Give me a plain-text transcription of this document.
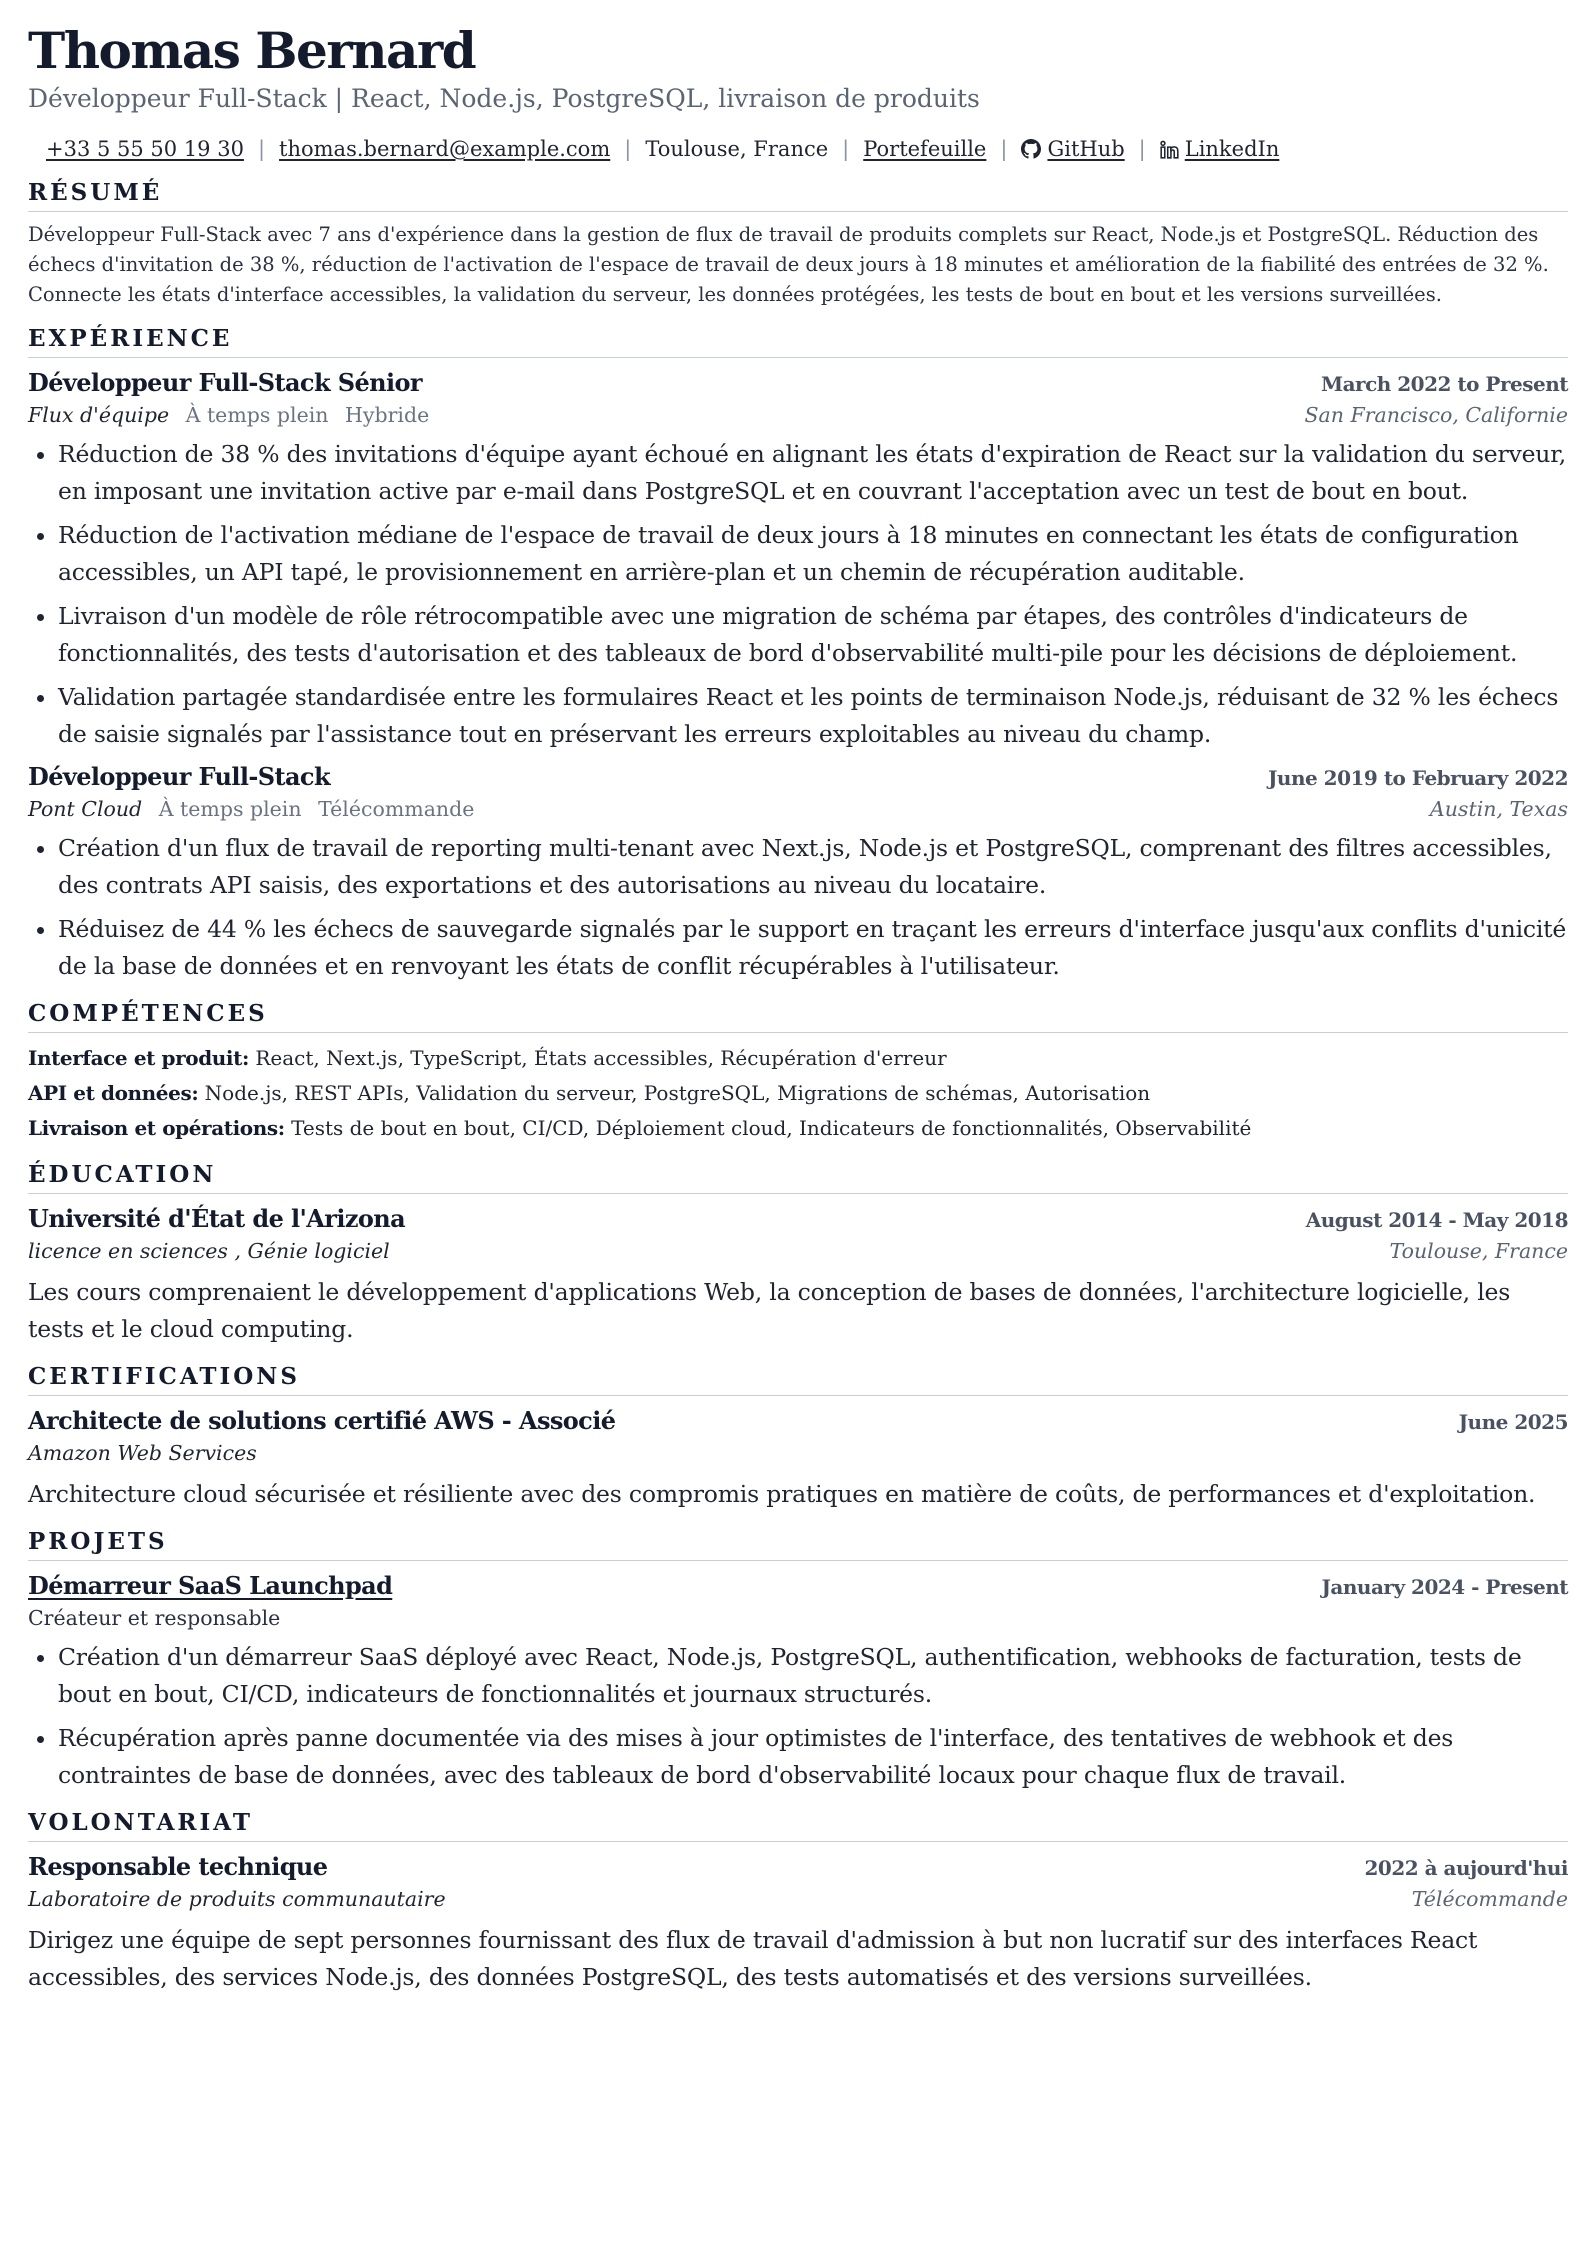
Thomas Bernard
Développeur Full-Stack | React, Node.js, PostgreSQL, livraison de produits
+33 5 55 50 19 30 | thomas.bernard@example.com | Toulouse, France | Portefeuille |	GitHub |	LinkedIn
RÉSUMÉ
Développeur Full-Stack avec 7 ans d'expérience dans la gestion de flux de travail de produits complets sur React, Node.js et PostgreSQL. Réduction des échecs d'invitation de 38 %, réduction de l'activation de l'espace de travail de deux jours à 18 minutes et amélioration de la fiabilité des entrées de 32 %. Connecte les états d'interface accessibles, la validation du serveur, les données protégées, les tests de bout en bout et les versions surveillées.
EXPÉRIENCE
Développeur Full-Stack Sénior	March 2022 to Present
Flux d'équipe À temps plein Hybride	San Francisco, Californie
• Réduction de 38 % des invitations d'équipe ayant échoué en alignant les états d'expiration de React sur la validation du serveur, en imposant une invitation active par e-mail dans PostgreSQL et en couvrant l'acceptation avec un test de bout en bout.
• Réduction de l'activation médiane de l'espace de travail de deux jours à 18 minutes en connectant les états de configuration accessibles, un API tapé, le provisionnement en arrière-plan et un chemin de récupération auditable.
• Livraison d'un modèle de rôle rétrocompatible avec une migration de schéma par étapes, des contrôles d'indicateurs de fonctionnalités, des tests d'autorisation et des tableaux de bord d'observabilité multi-pile pour les décisions de déploiement.
• Validation partagée standardisée entre les formulaires React et les points de terminaison Node.js, réduisant de 32 % les échecs de saisie signalés par l'assistance tout en préservant les erreurs exploitables au niveau du champ.
Développeur Full-Stack	June 2019 to February 2022
Pont Cloud À temps plein Télécommande	Austin, Texas
• Création d'un flux de travail de reporting multi-tenant avec Next.js, Node.js et PostgreSQL, comprenant des filtres accessibles, des contrats API saisis, des exportations et des autorisations au niveau du locataire.
• Réduisez de 44 % les échecs de sauvegarde signalés par le support en traçant les erreurs d'interface jusqu'aux conflits d'unicité de la base de données et en renvoyant les états de conflit récupérables à l'utilisateur.
COMPÉTENCES
Interface et produit: React, Next.js, TypeScript, États accessibles, Récupération d'erreur
API et données: Node.js, REST APIs, Validation du serveur, PostgreSQL, Migrations de schémas, Autorisation
Livraison et opérations: Tests de bout en bout, CI/CD, Déploiement cloud, Indicateurs de fonctionnalités, Observabilité
ÉDUCATION
Université d'État de l'Arizona	August 2014 - May 2018
licence en sciences , Génie logiciel	Toulouse, France
Les cours comprenaient le développement d'applications Web, la conception de bases de données, l'architecture logicielle, les tests et le cloud computing.
CERTIFICATIONS
Architecte de solutions certifié AWS - Associé	June 2025
Amazon Web Services
Architecture cloud sécurisée et résiliente avec des compromis pratiques en matière de coûts, de performances et d'exploitation.
PROJETS
Démarreur SaaS Launchpad	January 2024 - Present
Créateur et responsable
• Création d'un démarreur SaaS déployé avec React, Node.js, PostgreSQL, authentification, webhooks de facturation, tests de bout en bout, CI/CD, indicateurs de fonctionnalités et journaux structurés.
• Récupération après panne documentée via des mises à jour optimistes de l'interface, des tentatives de webhook et des contraintes de base de données, avec des tableaux de bord d'observabilité locaux pour chaque flux de travail.
VOLONTARIAT
Responsable technique	2022 à aujourd'hui
Laboratoire de produits communautaire	Télécommande
Dirigez une équipe de sept personnes fournissant des flux de travail d'admission à but non lucratif sur des interfaces React accessibles, des services Node.js, des données PostgreSQL, des tests automatisés et des versions surveillées.
